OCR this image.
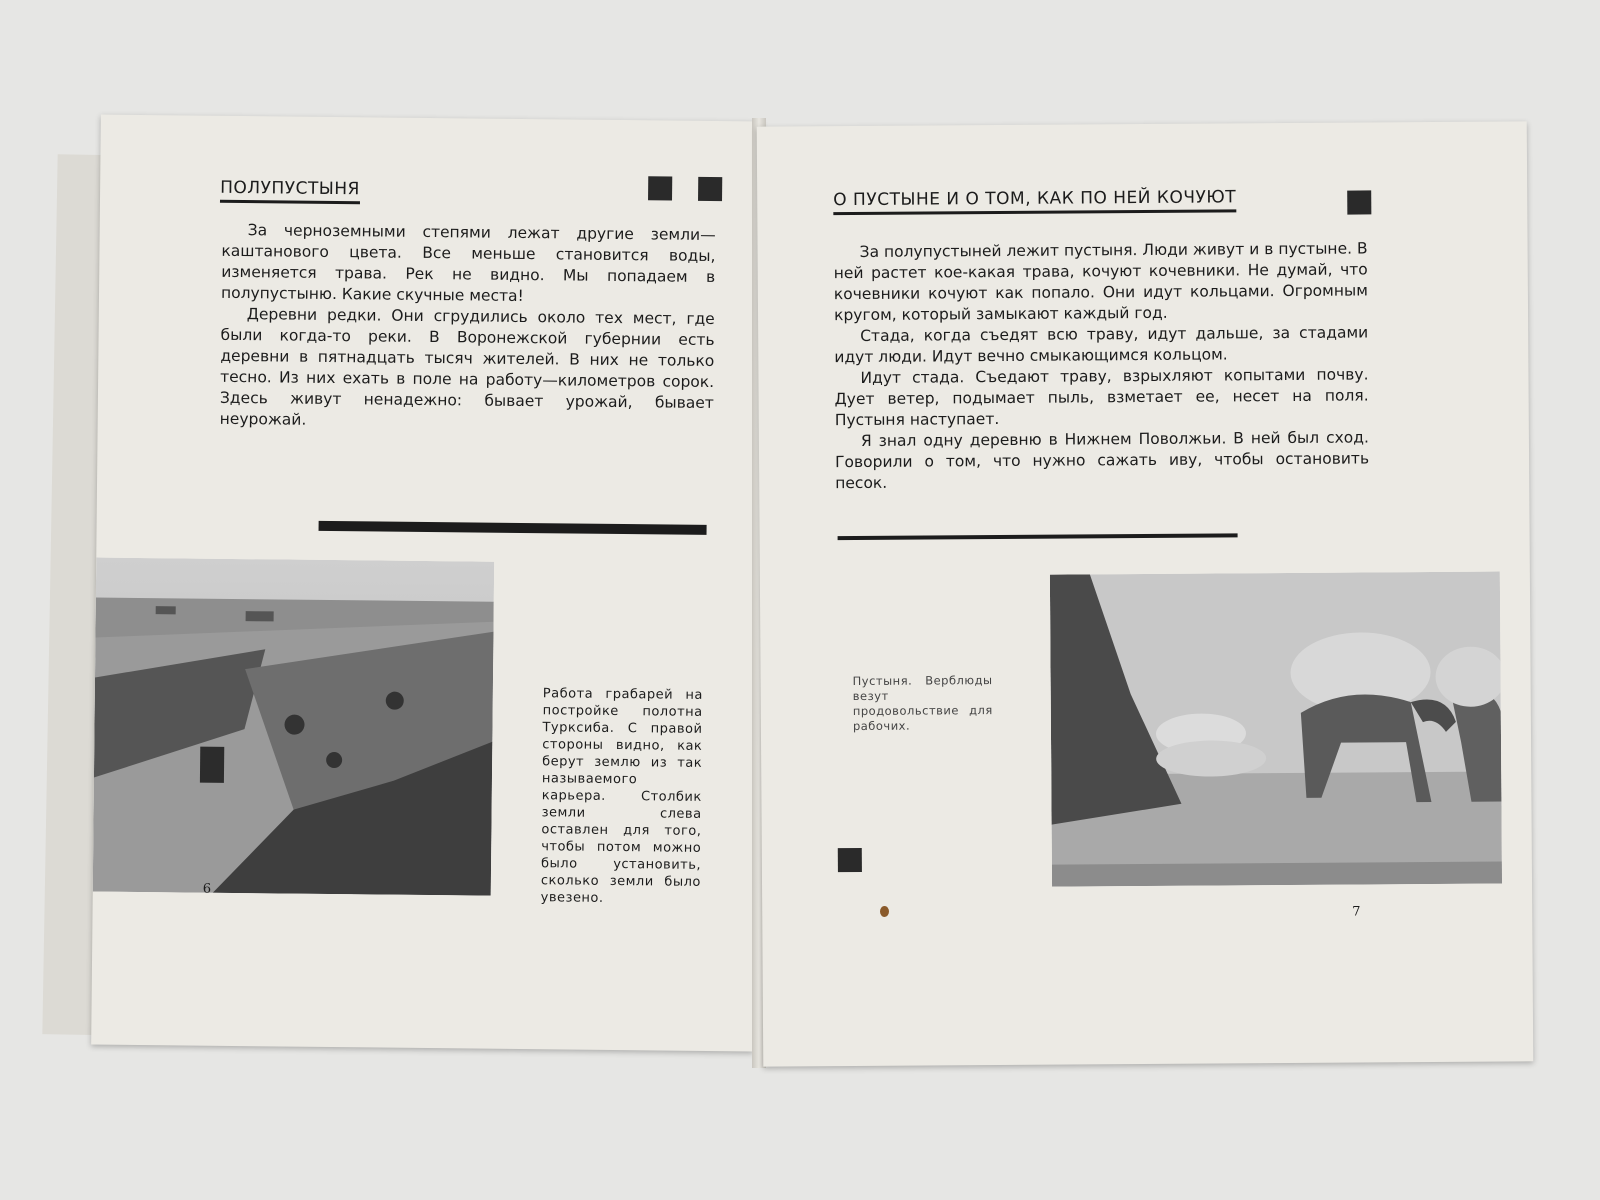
ПОЛУПУСТЫНЯ

За черноземными степями лежат другие земли—каштанового цвета. Все меньше становится воды, изменяется трава. Рек не видно. Мы попадаем в полупустыню. Какие скучные места!

Деревни редки. Они сгрудились около тех мест, где были когда-то реки. В Воронежской губернии есть деревни в пятнадцать тысяч жителей. В них не только тесно. Из них ехать в поле на работу—километров сорок. Здесь живут ненадежно: бывает урожай, бывает неурожай.

Работа грабарей на постройке полотна Турксиба. С правой стороны видно, как берут землю из так называемого карьера. Столбик земли слева оставлен для того, чтобы потом можно было установить, сколько земли было увезено.
6
О ПУСТЫНЕ И О ТОМ, КАК ПО НЕЙ КОЧУЮТ

За полупустыней лежит пустыня. Люди живут и в пустыне. В ней растет кое-какая трава, кочуют кочевники. Не думай, что кочевники кочуют как попало. Они идут кольцами. Огромным кругом, который замыкают каждый год.

Стада, когда съедят всю траву, идут дальше, за стадами идут люди. Идут вечно смыкающимся кольцом.

Идут стада. Съедают траву, взрыхляют копытами почву. Дует ветер, подымает пыль, взметает ее, несет на поля. Пустыня наступает.

Я знал одну деревню в Нижнем Поволжьи. В ней был сход. Говорили о том, что нужно сажать иву, чтобы остановить песок.

Пустыня. Верблюды везут продовольствие для рабочих.
7
